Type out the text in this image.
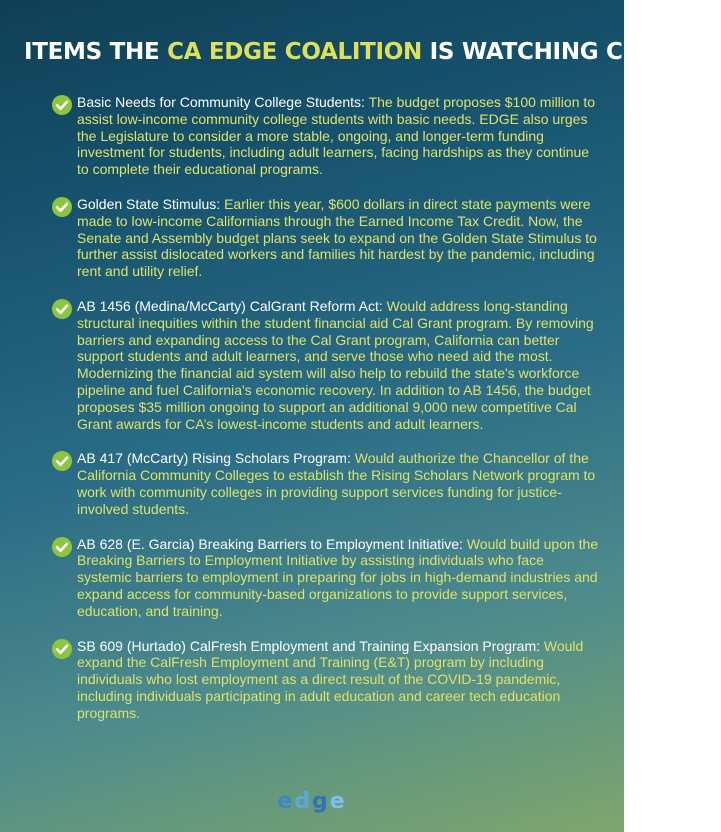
ITEMS THE CA EDGE COALITION IS WATCHING CLOSELY:
Basic Needs for Community College Students: The budget proposes $100 million to assist low-income community college students with basic needs. EDGE also urges the Legislature to consider a more stable, ongoing, and longer-term funding investment for students, including adult learners, facing hardships as they continue to complete their educational programs.
Golden State Stimulus: Earlier this year, $600 dollars in direct state payments were made to low-income Californians through the Earned Income Tax Credit. Now, the Senate and Assembly budget plans seek to expand on the Golden State Stimulus to further assist dislocated workers and families hit hardest by the pandemic, including rent and utility relief.
AB 1456 (Medina/McCarty) CalGrant Reform Act: Would address long-standing structural inequities within the student financial aid Cal Grant program. By removing barriers and expanding access to the Cal Grant program, California can better support students and adult learners, and serve those who need aid the most. Modernizing the financial aid system will also help to rebuild the state's workforce pipeline and fuel California's economic recovery. In addition to AB 1456, the budget proposes $35 million ongoing to support an additional 9,000 new competitive Cal Grant awards for CA’s lowest-income students and adult learners.
AB 417 (McCarty) Rising Scholars Program: Would authorize the Chancellor of the California Community Colleges to establish the Rising Scholars Network program to work with community colleges in providing support services funding for justice-involved students.
AB 628 (E. Garcia) Breaking Barriers to Employment Initiative: Would build upon the Breaking Barriers to Employment Initiative by assisting individuals who face systemic barriers to employment in preparing for jobs in high-demand industries and expand access for community-based organizations to provide support services, education, and training.
SB 609 (Hurtado) CalFresh Employment and Training Expansion Program: Would expand the CalFresh Employment and Training (E&T) program by including individuals who lost employment as a direct result of the COVID-19 pandemic, including individuals participating in adult education and career tech education programs.
edge
